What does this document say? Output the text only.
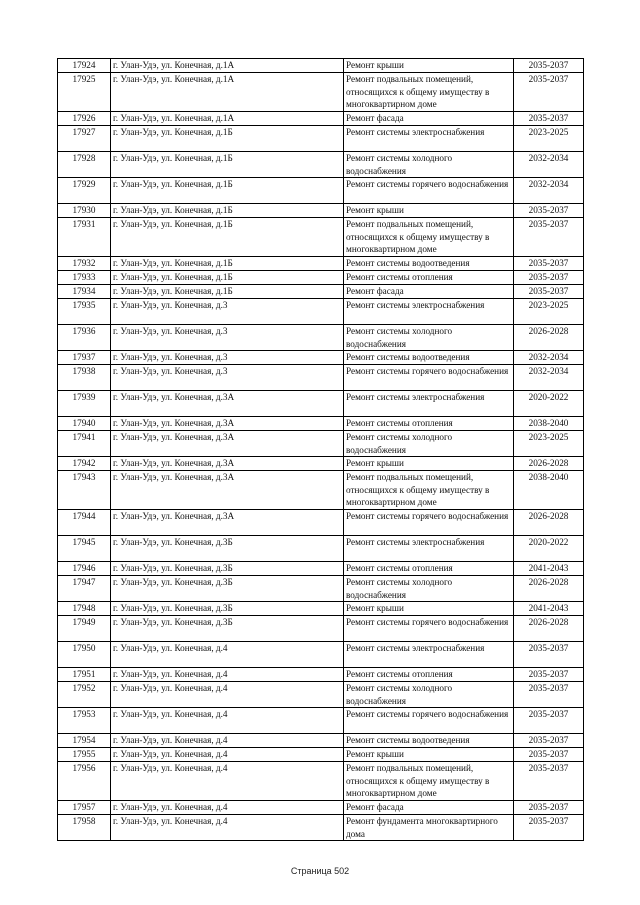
17924	г. Улан-Удэ, ул. Конечная, д.1А	Ремонт крыши	2035-2037
17925	г. Улан-Удэ, ул. Конечная, д.1А	Ремонт подвальных помещений, относящихся к общему имуществу в многоквартирном доме	2035-2037
17926	г. Улан-Удэ, ул. Конечная, д.1А	Ремонт фасада	2035-2037
17927	г. Улан-Удэ, ул. Конечная, д.1Б	Ремонт системы электроснабжения	2023-2025
17928	г. Улан-Удэ, ул. Конечная, д.1Б	Ремонт системы холодного водоснабжения	2032-2034
17929	г. Улан-Удэ, ул. Конечная, д.1Б	Ремонт системы горячего водоснабжения	2032-2034
17930	г. Улан-Удэ, ул. Конечная, д.1Б	Ремонт крыши	2035-2037
17931	г. Улан-Удэ, ул. Конечная, д.1Б	Ремонт подвальных помещений, относящихся к общему имуществу в многоквартирном доме	2035-2037
17932	г. Улан-Удэ, ул. Конечная, д.1Б	Ремонт системы водоотведения	2035-2037
17933	г. Улан-Удэ, ул. Конечная, д.1Б	Ремонт системы отопления	2035-2037
17934	г. Улан-Удэ, ул. Конечная, д.1Б	Ремонт фасада	2035-2037
17935	г. Улан-Удэ, ул. Конечная, д.3	Ремонт системы электроснабжения	2023-2025
17936	г. Улан-Удэ, ул. Конечная, д.3	Ремонт системы холодного водоснабжения	2026-2028
17937	г. Улан-Удэ, ул. Конечная, д.3	Ремонт системы водоотведения	2032-2034
17938	г. Улан-Удэ, ул. Конечная, д.3	Ремонт системы горячего водоснабжения	2032-2034
17939	г. Улан-Удэ, ул. Конечная, д.3А	Ремонт системы электроснабжения	2020-2022
17940	г. Улан-Удэ, ул. Конечная, д.3А	Ремонт системы отопления	2038-2040
17941	г. Улан-Удэ, ул. Конечная, д.3А	Ремонт системы холодного водоснабжения	2023-2025
17942	г. Улан-Удэ, ул. Конечная, д.3А	Ремонт крыши	2026-2028
17943	г. Улан-Удэ, ул. Конечная, д.3А	Ремонт подвальных помещений, относящихся к общему имуществу в многоквартирном доме	2038-2040
17944	г. Улан-Удэ, ул. Конечная, д.3А	Ремонт системы горячего водоснабжения	2026-2028
17945	г. Улан-Удэ, ул. Конечная, д.3Б	Ремонт системы электроснабжения	2020-2022
17946	г. Улан-Удэ, ул. Конечная, д.3Б	Ремонт системы отопления	2041-2043
17947	г. Улан-Удэ, ул. Конечная, д.3Б	Ремонт системы холодного водоснабжения	2026-2028
17948	г. Улан-Удэ, ул. Конечная, д.3Б	Ремонт крыши	2041-2043
17949	г. Улан-Удэ, ул. Конечная, д.3Б	Ремонт системы горячего водоснабжения	2026-2028
17950	г. Улан-Удэ, ул. Конечная, д.4	Ремонт системы электроснабжения	2035-2037
17951	г. Улан-Удэ, ул. Конечная, д.4	Ремонт системы отопления	2035-2037
17952	г. Улан-Удэ, ул. Конечная, д.4	Ремонт системы холодного водоснабжения	2035-2037
17953	г. Улан-Удэ, ул. Конечная, д.4	Ремонт системы горячего водоснабжения	2035-2037
17954	г. Улан-Удэ, ул. Конечная, д.4	Ремонт системы водоотведения	2035-2037
17955	г. Улан-Удэ, ул. Конечная, д.4	Ремонт крыши	2035-2037
17956	г. Улан-Удэ, ул. Конечная, д.4	Ремонт подвальных помещений, относящихся к общему имуществу в многоквартирном доме	2035-2037
17957	г. Улан-Удэ, ул. Конечная, д.4	Ремонт фасада	2035-2037
17958	г. Улан-Удэ, ул. Конечная, д.4	Ремонт фундамента многоквартирного дома	2035-2037
Страница 502
